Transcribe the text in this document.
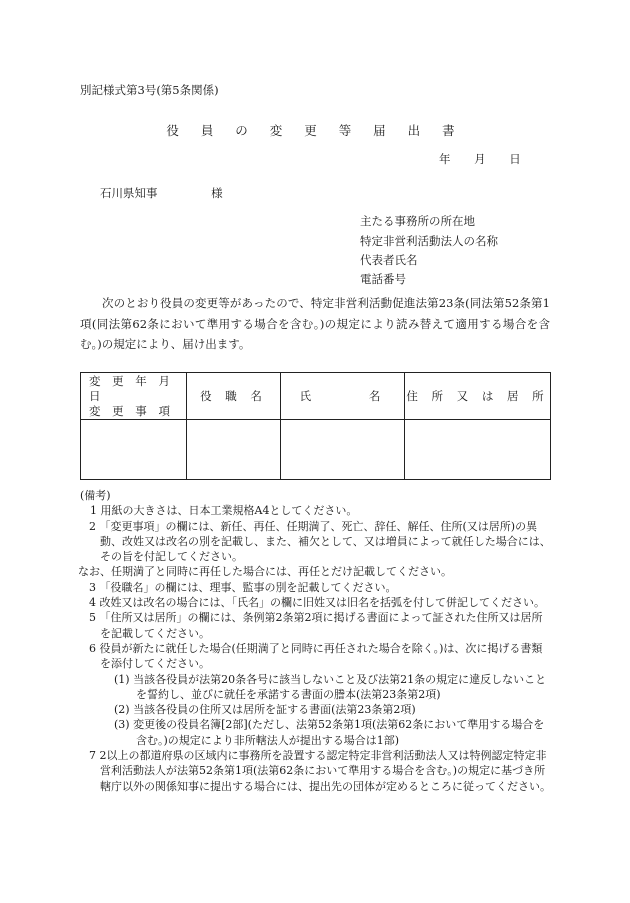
別記様式第3号(第5条関係)
役 員 の 変 更 等 届 出 書
年 月 日
石川県知事 様
主たる事務所の所在地
特定非営利活動法人の名称
代表者氏名
電話番号
次のとおり役員の変更等があったので、特定非営利活動促進法第23条(同法第52条第1項(同法第62条において準用する場合を含む。)の規定により読み替えて適用する場合を含む。)の規定により、届け出ます。
変 更 年 月 日
変 更 事 項	役 職 名	氏 名	住 所 又 は 居 所

(備考)
1 用紙の大きさは、日本工業規格A4としてください。
2 「変更事項」の欄には、新任、再任、任期満了、死亡、辞任、解任、住所(又は居所)の異動、改姓又は改名の別を記載し、また、補欠として、又は増員によって就任した場合には、その旨を付記してください。
なお、任期満了と同時に再任した場合には、再任とだけ記載してください。
3 「役職名」の欄には、理事、監事の別を記載してください。
4 改姓又は改名の場合には、「氏名」の欄に旧姓又は旧名を括弧を付して併記してください。
5 「住所又は居所」の欄には、条例第2条第2項に掲げる書面によって証された住所又は居所を記載してください。
6 役員が新たに就任した場合(任期満了と同時に再任された場合を除く。)は、次に掲げる書類を添付してください。
(1) 当該各役員が法第20条各号に該当しないこと及び法第21条の規定に違反しないことを誓約し、並びに就任を承諾する書面の謄本(法第23条第2項)
(2) 当該各役員の住所又は居所を証する書面(法第23条第2項)
(3) 変更後の役員名簿[2部](ただし、法第52条第1項(法第62条において準用する場合を含む。)の規定により非所轄法人が提出する場合は1部)
7 2以上の都道府県の区域内に事務所を設置する認定特定非営利活動法人又は特例認定特定非営利活動法人が法第52条第1項(法第62条において準用する場合を含む。)の規定に基づき所轄庁以外の関係知事に提出する場合には、提出先の団体が定めるところに従ってください。
